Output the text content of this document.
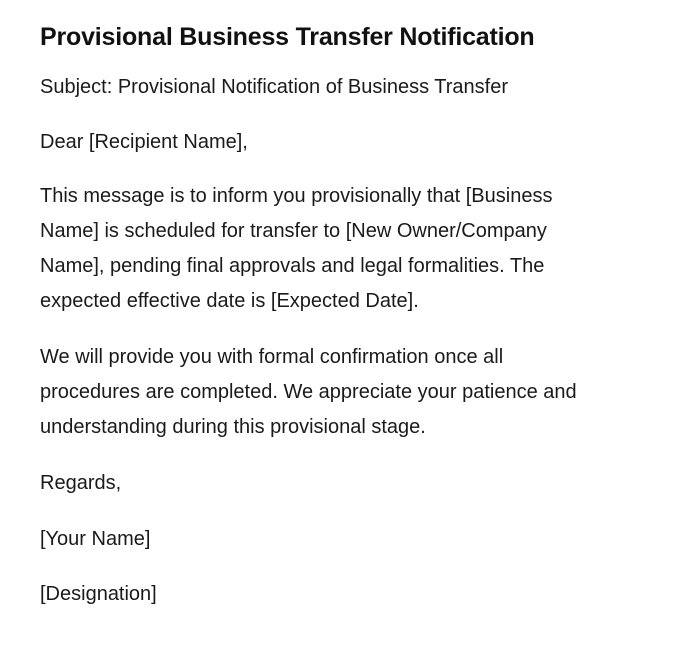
Provisional Business Transfer Notification

Subject: Provisional Notification of Business Transfer

Dear [Recipient Name],

This message is to inform you provisionally that [Business
Name] is scheduled for transfer to [New Owner/Company
Name], pending final approvals and legal formalities. The
expected effective date is [Expected Date].

We will provide you with formal confirmation once all
procedures are completed. We appreciate your patience and
understanding during this provisional stage.

Regards,

[Your Name]

[Designation]
